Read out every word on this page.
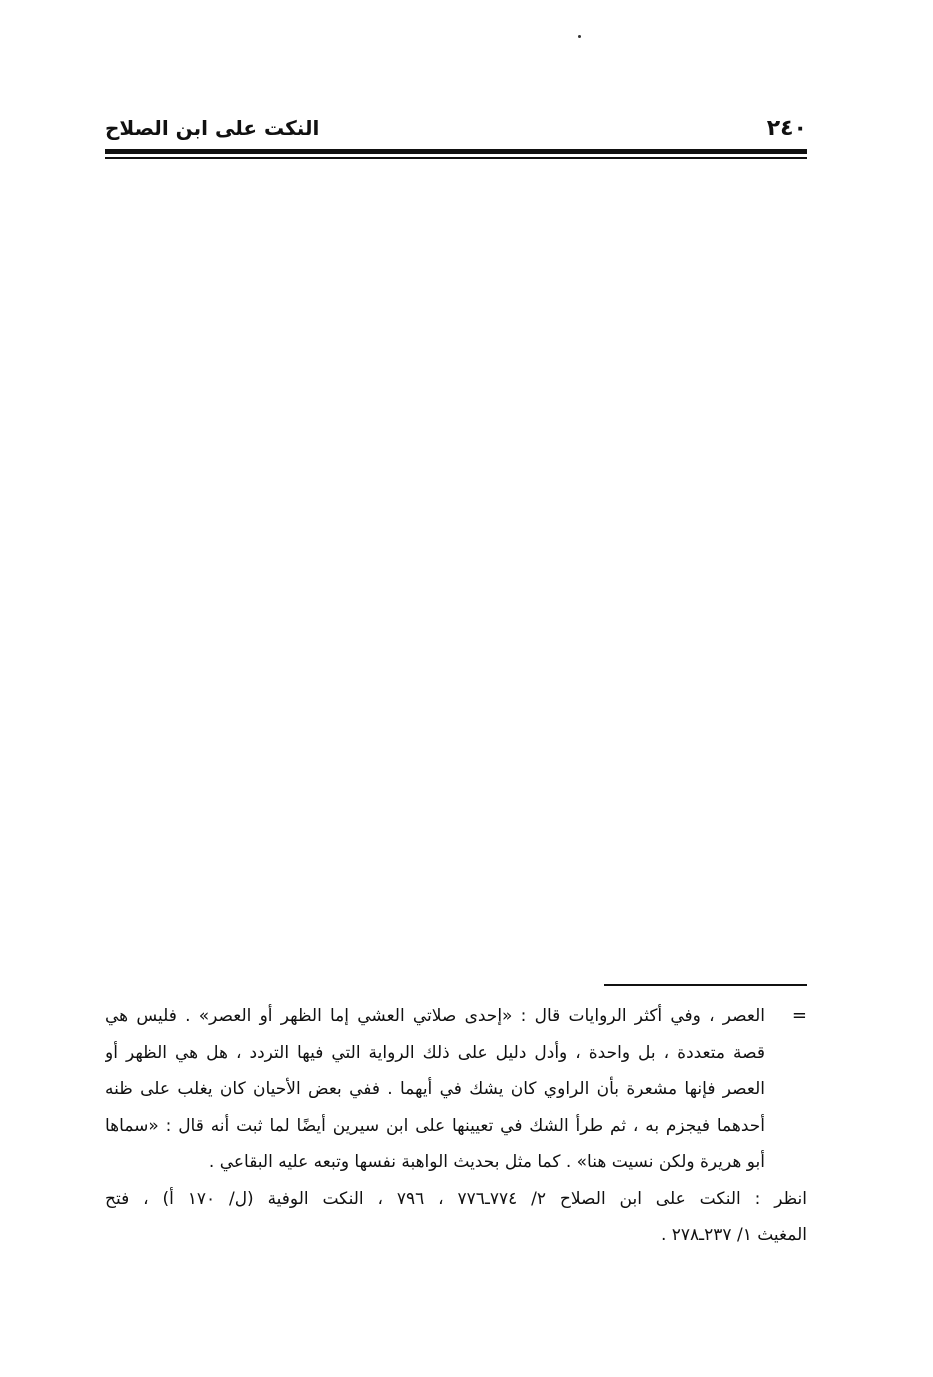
٢٤٠
النكت على ابن الصلاح
=
العصر ، وفي أكثر الروايات قال : «إحدى صلاتي العشي إما الظهر أو العصر» . فليس هي
قصة متعددة ، بل واحدة ، وأدل دليل على ذلك الرواية التي فيها التردد ، هل هي الظهر أو
العصر فإنها مشعرة بأن الراوي كان يشك في أيهما . ففي بعض الأحيان كان يغلب على ظنه
أحدهما فيجزم به ، ثم طرأ الشك في تعيينها على ابن سيرين أيضًا لما ثبت أنه قال : «سماها
أبو هريرة ولكن نسيت هنا» . كما مثل بحديث الواهبة نفسها وتبعه عليه البقاعي .
انظر : النكت على ابن الصلاح ٢/ ٧٧٤ـ٧٧٦ ، ٧٩٦ ، النكت الوفية (ل/ ١٧٠ أ) ، فتح
المغيث ١/ ٢٣٧ـ٢٧٨ .
